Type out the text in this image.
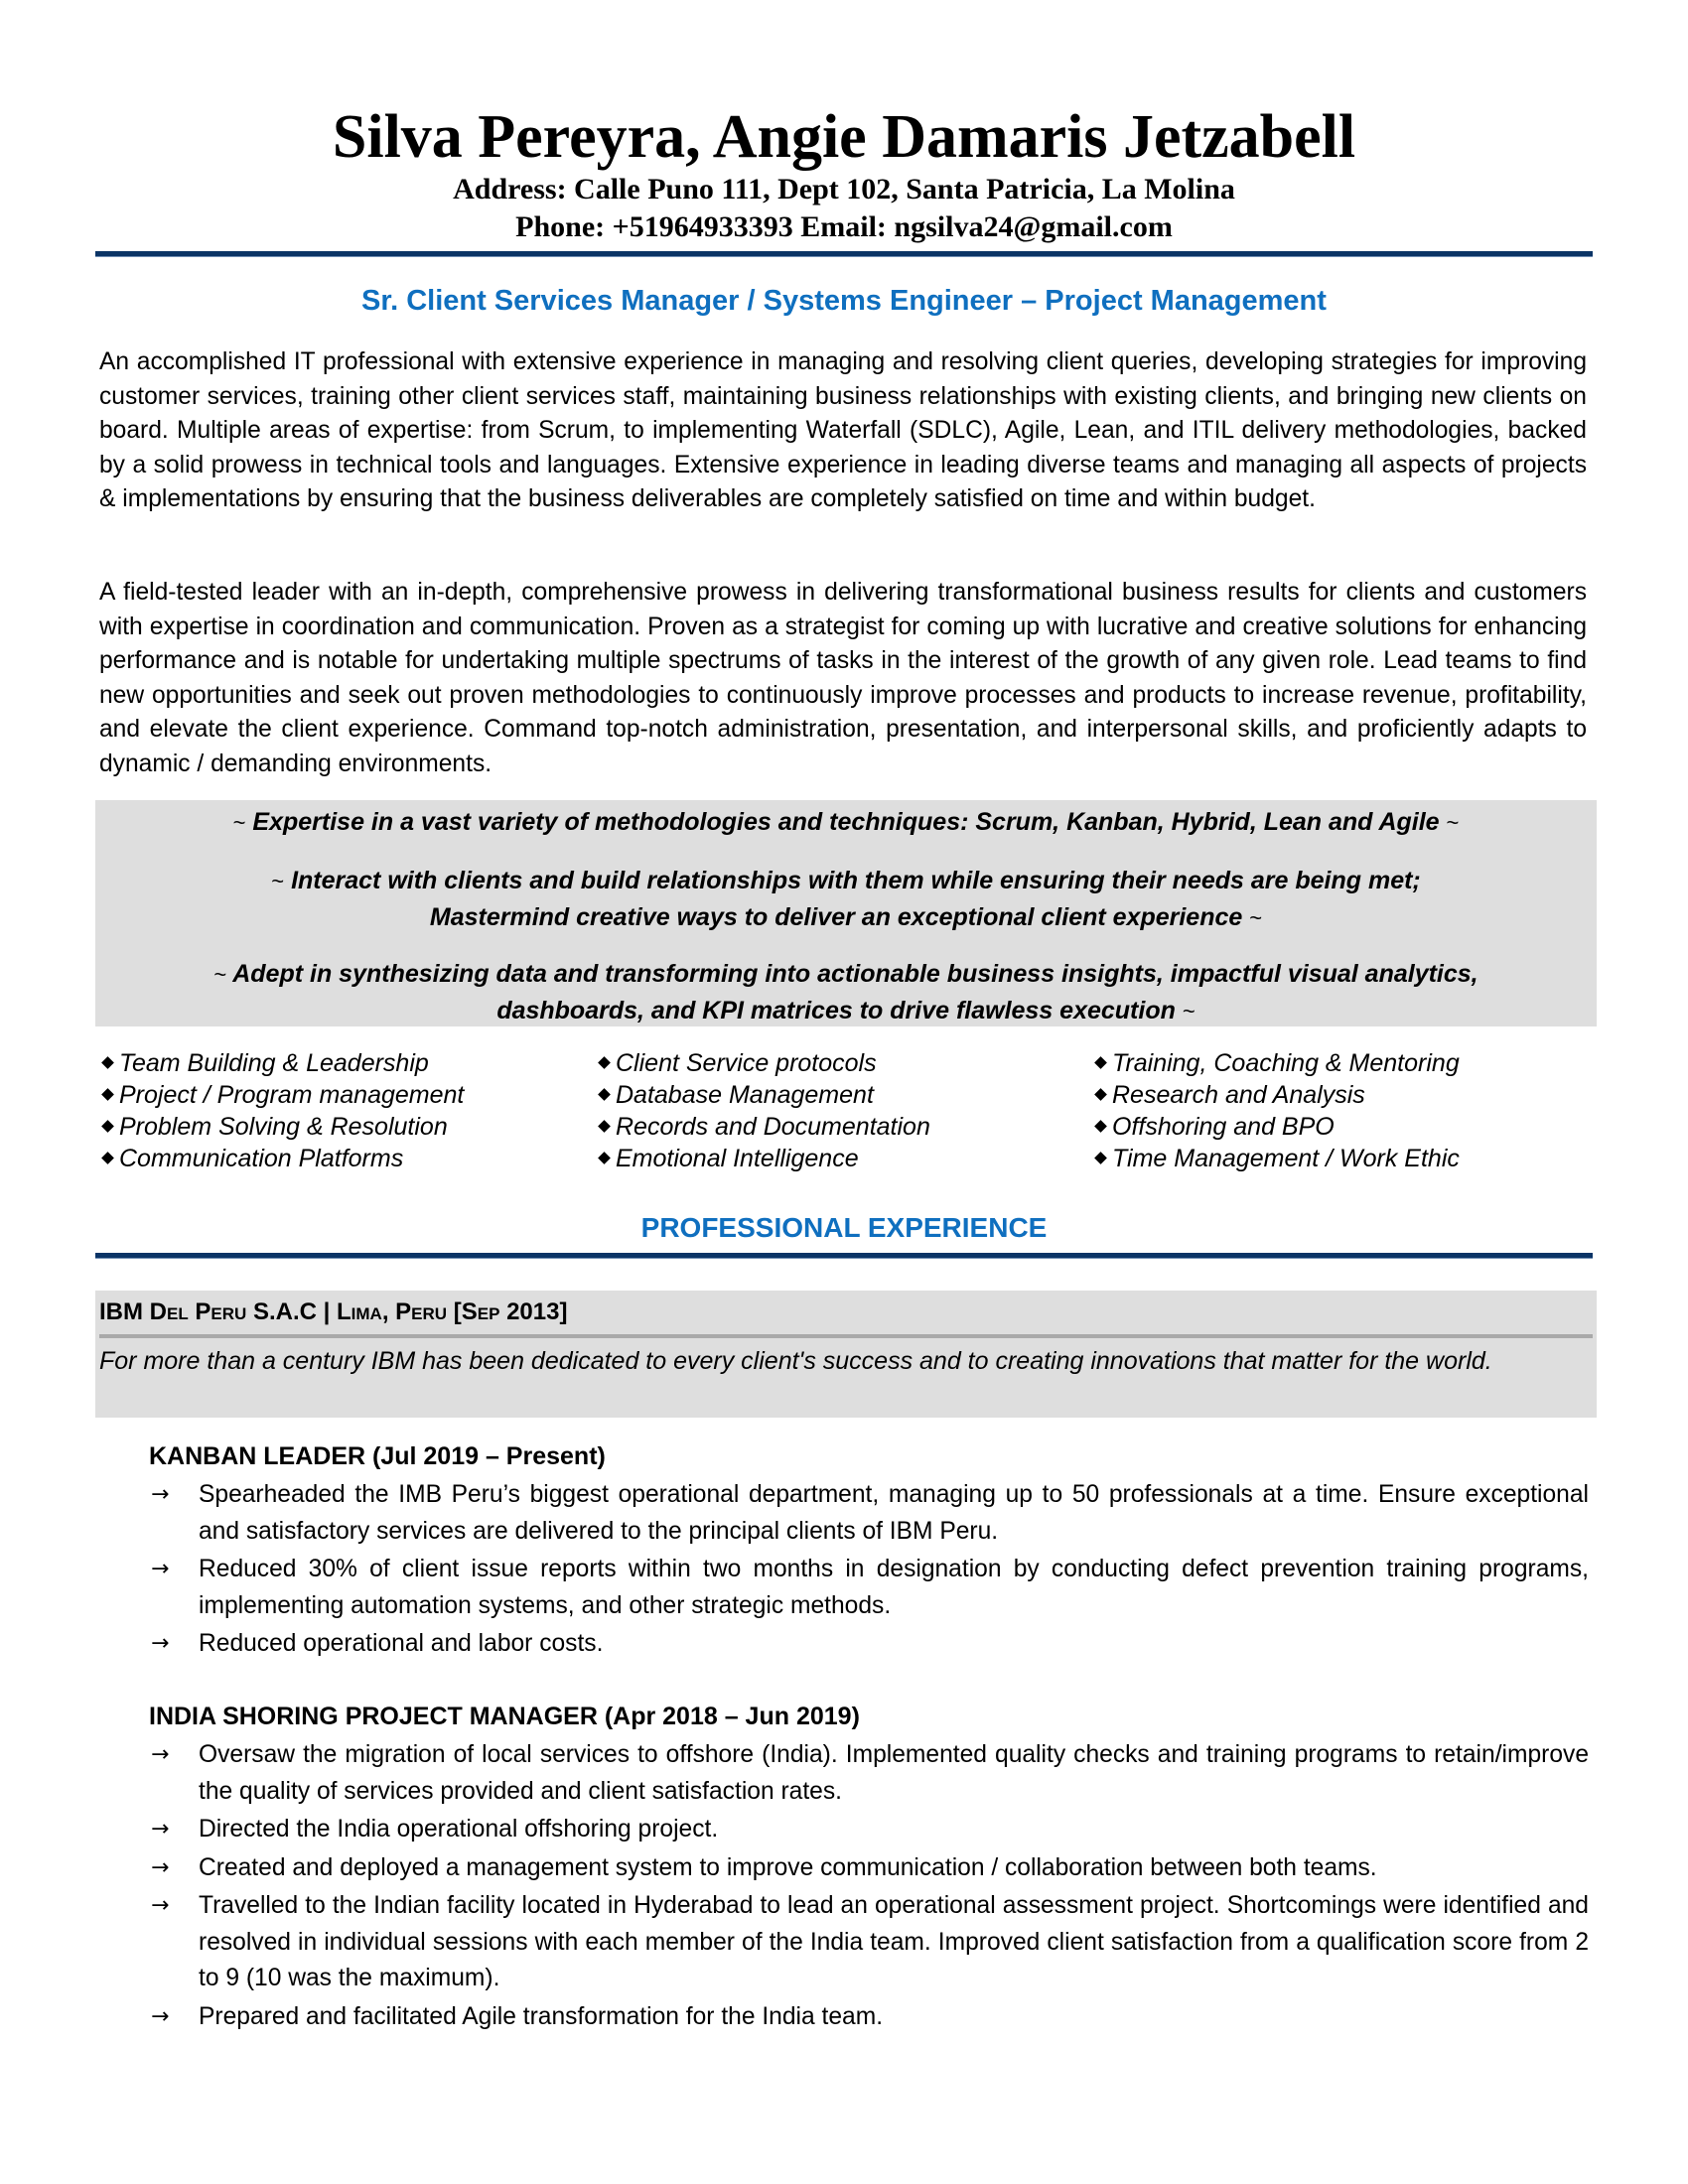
Silva Pereyra, Angie Damaris Jetzabell
Address: Calle Puno 111, Dept 102, Santa Patricia, La Molina
Phone: +51964933393 Email: ngsilva24@gmail.com
Sr. Client Services Manager / Systems Engineer – Project Management

An accomplished IT professional with extensive experience in managing and resolving client queries, developing strategies for improving customer services, training other client services staff, maintaining business relationships with existing clients, and bringing new clients on board. Multiple areas of expertise: from Scrum, to implementing Waterfall (SDLC), Agile, Lean, and ITIL delivery methodologies, backed by a solid prowess in technical tools and languages. Extensive experience in leading diverse teams and managing all aspects of projects & implementations by ensuring that the business deliverables are completely satisfied on time and within budget.

A field-tested leader with an in-depth, comprehensive prowess in delivering transformational business results for clients and customers with expertise in coordination and communication. Proven as a strategist for coming up with lucrative and creative solutions for enhancing performance and is notable for undertaking multiple spectrums of tasks in the interest of the growth of any given role. Lead teams to find new opportunities and seek out proven methodologies to continuously improve processes and products to increase revenue, profitability, and elevate the client experience. Command top-notch administration, presentation, and interpersonal skills, and proficiently adapts to dynamic / demanding environments.

~ Expertise in a vast variety of methodologies and techniques: Scrum, Kanban, Hybrid, Lean and Agile ~
~ Interact with clients and build relationships with them while ensuring their needs are being met;
Mastermind creative ways to deliver an exceptional client experience ~
~ Adept in synthesizing data and transforming into actionable business insights, impactful visual analytics,
dashboards, and KPI matrices to drive flawless execution ~
Team Building & Leadership
Project / Program management
Problem Solving & Resolution
Communication Platforms
Client Service protocols
Database Management
Records and Documentation
Emotional Intelligence
Training, Coaching & Mentoring
Research and Analysis
Offshoring and BPO
Time Management / Work Ethic
PROFESSIONAL EXPERIENCE
IBM Del Peru S.A.C | Lima, Peru [Sep 2013]
For more than a century IBM has been dedicated to every client's success and to creating innovations that matter for the world.
KANBAN LEADER (Jul 2019 – Present)
→ Spearheaded the IMB Peru’s biggest operational department, managing up to 50 professionals at a time. Ensure exceptional and satisfactory services are delivered to the principal clients of IBM Peru.
→ Reduced 30% of client issue reports within two months in designation by conducting defect prevention training programs, implementing automation systems, and other strategic methods.
→ Reduced operational and labor costs.
INDIA SHORING PROJECT MANAGER (Apr 2018 – Jun 2019)
→ Oversaw the migration of local services to offshore (India). Implemented quality checks and training programs to retain/improve the quality of services provided and client satisfaction rates.
→ Directed the India operational offshoring project.
→ Created and deployed a management system to improve communication / collaboration between both teams.
→ Travelled to the Indian facility located in Hyderabad to lead an operational assessment project. Shortcomings were identified and resolved in individual sessions with each member of the India team. Improved client satisfaction from a qualification score from 2 to 9 (10 was the maximum).
→ Prepared and facilitated Agile transformation for the India team.
